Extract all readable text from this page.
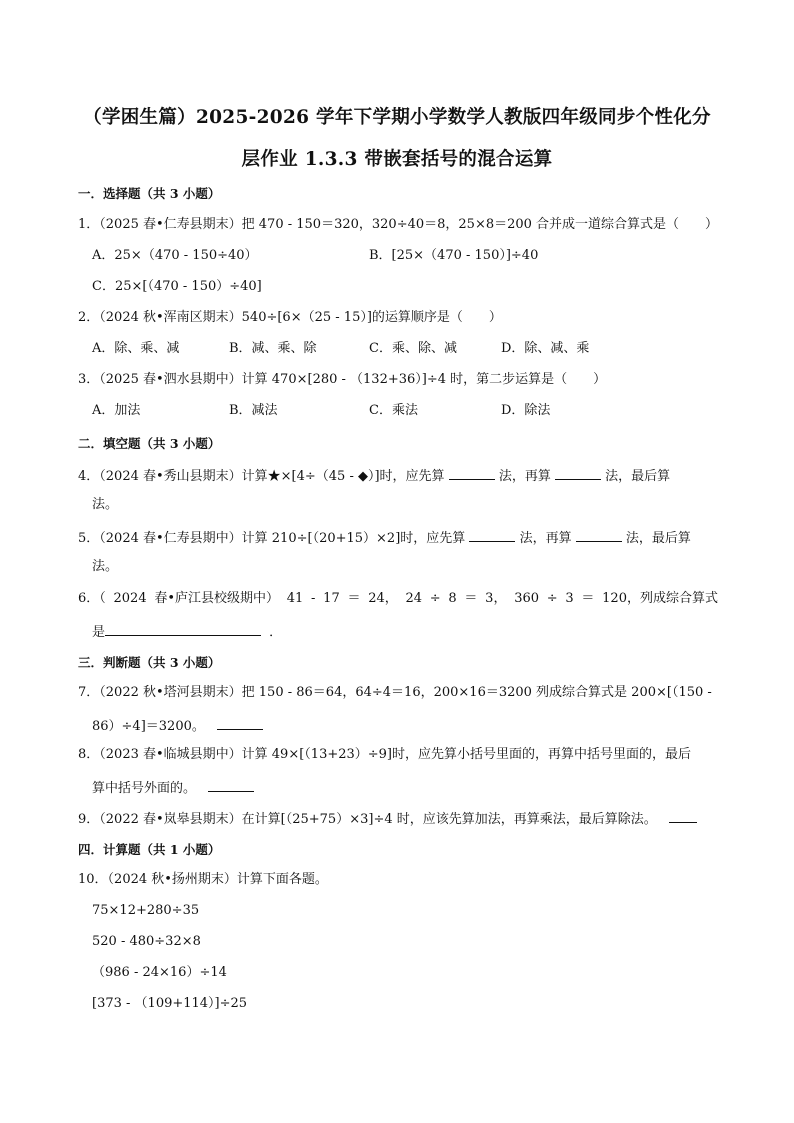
（学困生篇）2025-2026 学年下学期小学数学人教版四年级同步个性化分
层作业 1.3.3 带嵌套括号的混合运算
一．选择题（共 3 小题）
1．（2025 春•仁寿县期末）把 470 - 150＝320，320÷40＝8，25×8＝200 合并成一道综合算式是（　　）
A．25×（470 - 150÷40）	B．[25×（470 - 150）]÷40
C．25×[（470 - 150）÷40]
2．（2024 秋•浑南区期末）540÷[6×（25 - 15）]的运算顺序是（　　）
A．除、乘、减	B．减、乘、除	C．乘、除、减	D．除、减、乘
3．（2025 春•泗水县期中）计算 470×[280 - （132+36）]÷4 时，第二步运算是（　　）
A．加法	B．减法	C．乘法	D．除法
二．填空题（共 3 小题）
4．（2024 春•秀山县期末）计算★×[4÷（45 - ◆）]时，应先算	法，再算	法，最后算
法。
5．（2024 春•仁寿县期中）计算 210÷[（20+15）×2]时，应先算	法，再算	法，最后算
法。
6．（ 2024 春•庐江县校级期中） 41 - 17 ＝ 24， 24 ÷ 8 ＝ 3， 360 ÷ 3 ＝ 120，列成综合算式
是	．
三．判断题（共 3 小题）
7．（2022 秋•塔河县期末）把 150 - 86＝64，64÷4＝16，200×16＝3200 列成综合算式是 200×[（150 -
86）÷4]＝3200。
8．（2023 春•临城县期中）计算 49×[（13+23）÷9]时，应先算小括号里面的，再算中括号里面的，最后
算中括号外面的。
9．（2022 春•岚皋县期末）在计算[（25+75）×3]÷4 时，应该先算加法，再算乘法，最后算除法。
四．计算题（共 1 小题）
10．（2024 秋•扬州期末）计算下面各题。
75×12+280÷35
520 - 480÷32×8
（986 - 24×16）÷14
[373 - （109+114）]÷25
